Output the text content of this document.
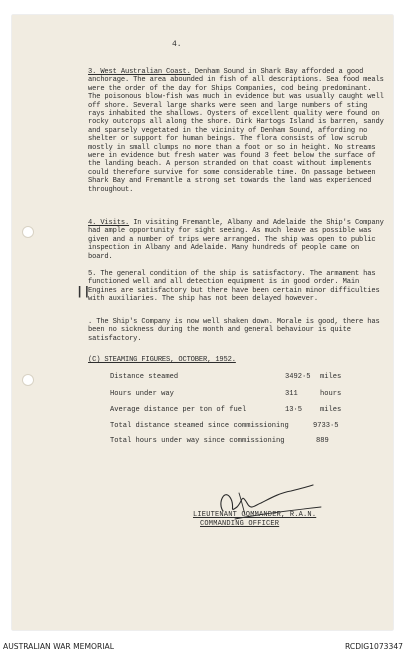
4.

3. West Australian Coast. Denham Sound in Shark Bay afforded a good anchorage. The area abounded in fish of all descriptions. Sea food meals were the order of the day for Ships Companies, cod being predominant. The poisonous blow-fish was much in evidence but was usually caught well off shore. Several large sharks were seen and large numbers of sting rays inhabited the shallows. Oysters of excellent quality were found on rocky outcrops all along the shore. Dirk Hartogs Island is barren, sandy and sparsely vegetated in the vicinity of Denham Sound, affording no shelter or support for human beings. The flora consists of low scrub mostly in small clumps no more than a foot or so in height. No streams were in evidence but fresh water was found 3 feet below the surface of the landing beach. A person stranded on that coast without implements could therefore survive for some considerable time. On passage between Shark Bay and Fremantle a strong set towards the land was experienced throughout.

4. Visits. In visiting Fremantle, Albany and Adelaide the Ship's Company had ample opportunity for sight seeing. As much leave as possible was given and a number of trips were arranged. The ship was open to public inspection in Albany and Adelaide. Many hundreds of people came on board.

||

5. The general condition of the ship is satisfactory. The armament has functioned well and all detection equipment is in good order. Main Engines are satisfactory but there have been certain minor difficulties with auxiliaries. The ship has not been delayed however.

. The Ship's Company is now well shaken down. Morale is good, there has been no sickness during the month and general behaviour is quite satisfactory.

(C) STEAMING FIGURES, OCTOBER, 1952.
Distance steamed	3492·5 miles
Hours under way	311	hours
Average distance per ton of fuel	13·5	miles
Total distance steamed since commissioning	9733·5
Total hours under way since commissioning	889
LIEUTENANT COMMANDER, R.A.N.
COMMANDING OFFICER
AUSTRALIAN WAR MEMORIAL	RCDIG1073347
